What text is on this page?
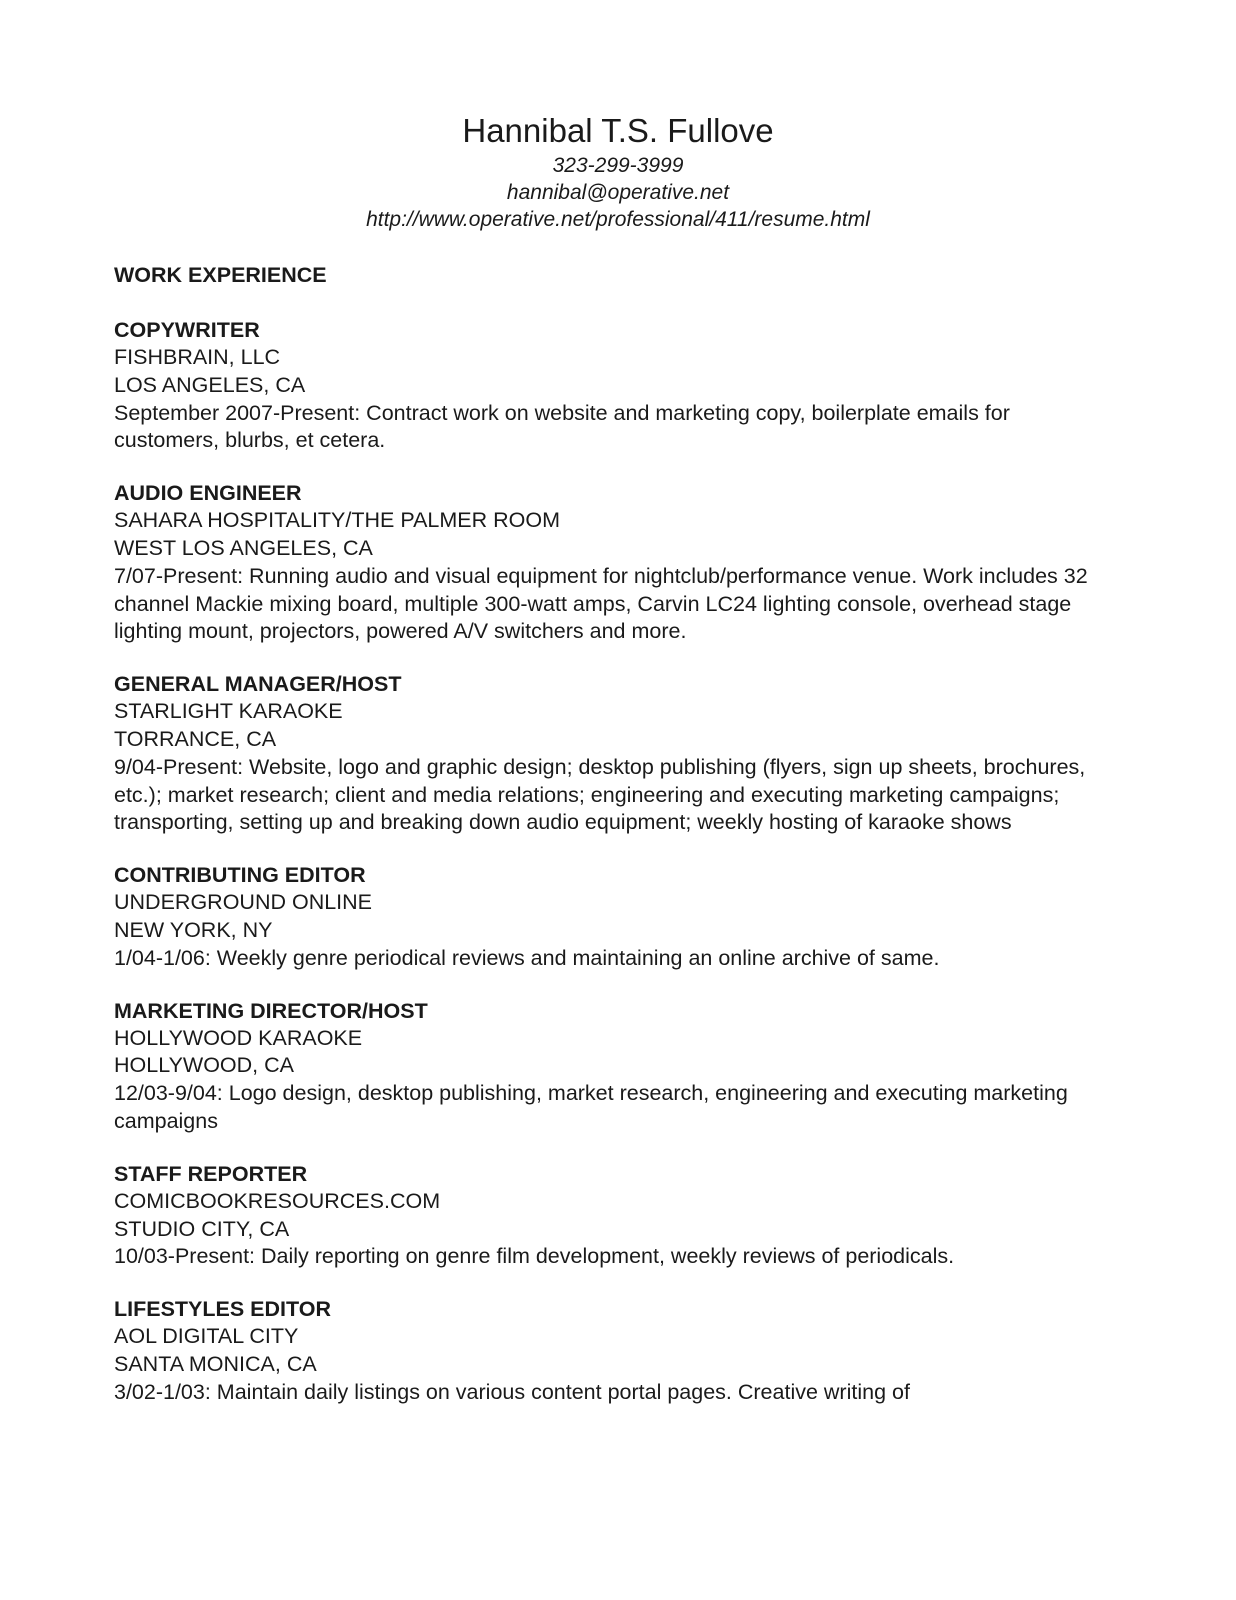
Hannibal T.S. Fullove
323-299-3999
hannibal@operative.net
http://www.operative.net/professional/411/resume.html
WORK EXPERIENCE
COPYWRITER
FISHBRAIN, LLC
LOS ANGELES, CA
September 2007-Present: Contract work on website and marketing copy, boilerplate emails for customers, blurbs, et cetera.
AUDIO ENGINEER
SAHARA HOSPITALITY/THE PALMER ROOM
WEST LOS ANGELES, CA
7/07-Present: Running audio and visual equipment for nightclub/performance venue. Work includes 32 channel Mackie mixing board, multiple 300-watt amps, Carvin LC24 lighting console, overhead stage lighting mount, projectors, powered A/V switchers and more.
GENERAL MANAGER/HOST
STARLIGHT KARAOKE
TORRANCE, CA
9/04-Present: Website, logo and graphic design; desktop publishing (flyers, sign up sheets, brochures, etc.); market research; client and media relations; engineering and executing marketing campaigns; transporting, setting up and breaking down audio equipment; weekly hosting of karaoke shows
CONTRIBUTING EDITOR
UNDERGROUND ONLINE
NEW YORK, NY
1/04-1/06: Weekly genre periodical reviews and maintaining an online archive of same.
MARKETING DIRECTOR/HOST
HOLLYWOOD KARAOKE
HOLLYWOOD, CA
12/03-9/04: Logo design, desktop publishing, market research, engineering and executing marketing campaigns
STAFF REPORTER
COMICBOOKRESOURCES.COM
STUDIO CITY, CA
10/03-Present: Daily reporting on genre film development, weekly reviews of periodicals.
LIFESTYLES EDITOR
AOL DIGITAL CITY
SANTA MONICA, CA
3/02-1/03: Maintain daily listings on various content portal pages. Creative writing of
